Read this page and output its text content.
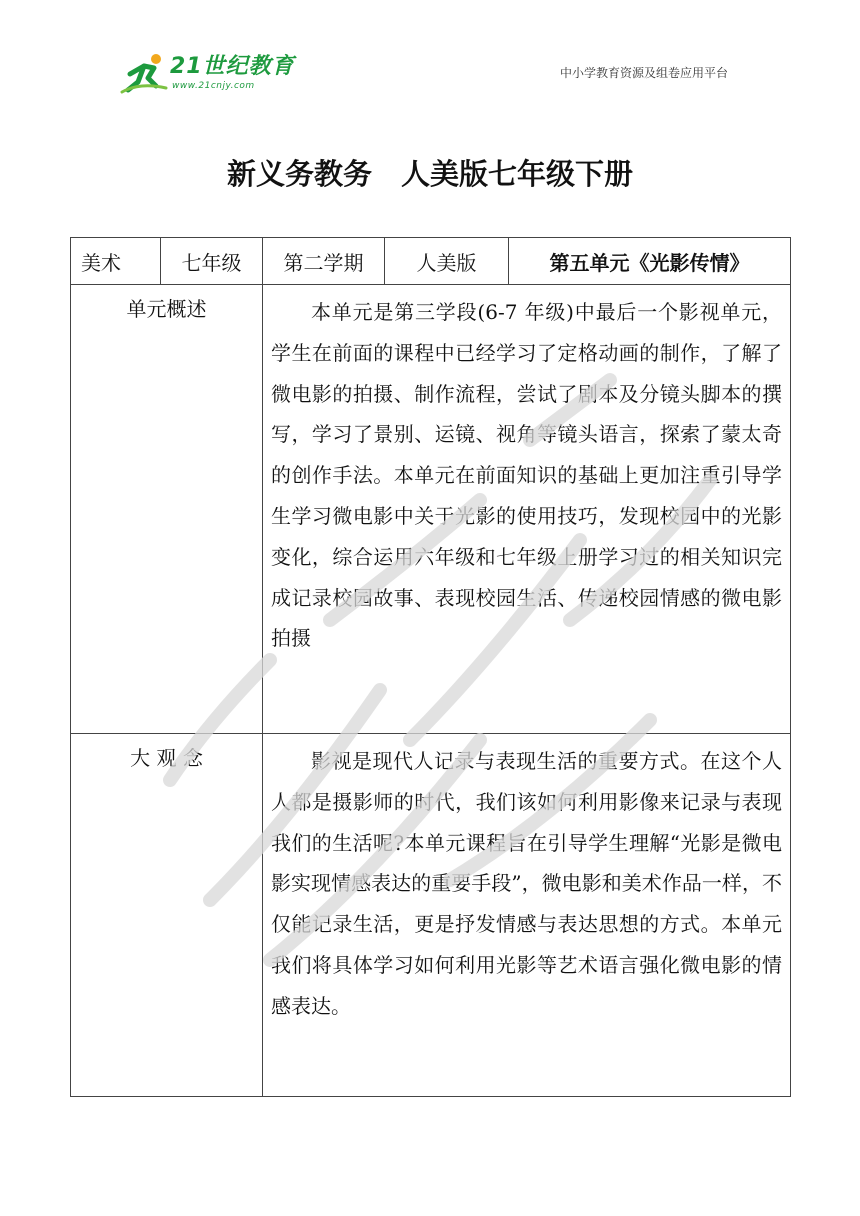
21世纪教育
www.21cnjy.com
中小学教育资源及组卷应用平台
新义务教务　人美版七年级下册
美术	七年级	第二学期	人美版	第五单元《光影传情》
单元概述		本单元是第三学段(6-7 年级)中最后一个影视单元，学生在前面的课程中已经学习了定格动画的制作，了解了微电影的拍摄、制作流程，尝试了剧本及分镜头脚本的撰写，学习了景别、运镜、视角等镜头语言，探索了蒙太奇的创作手法。本单元在前面知识的基础上更加注重引导学生学习微电影中关于光影的使用技巧，发现校园中的光影变化，综合运用六年级和七年级上册学习过的相关知识完成记录校园故事、表现校园生活、传递校园情感的微电影拍摄		
大 观 念		影视是现代人记录与表现生活的重要方式。在这个人人都是摄影师的时代，我们该如何利用影像来记录与表现我们的生活呢?本单元课程旨在引导学生理解“光影是微电影实现情感表达的重要手段”，微电影和美术作品一样，不仅能记录生活，更是抒发情感与表达思想的方式。本单元我们将具体学习如何利用光影等艺术语言强化微电影的情感表达。		
